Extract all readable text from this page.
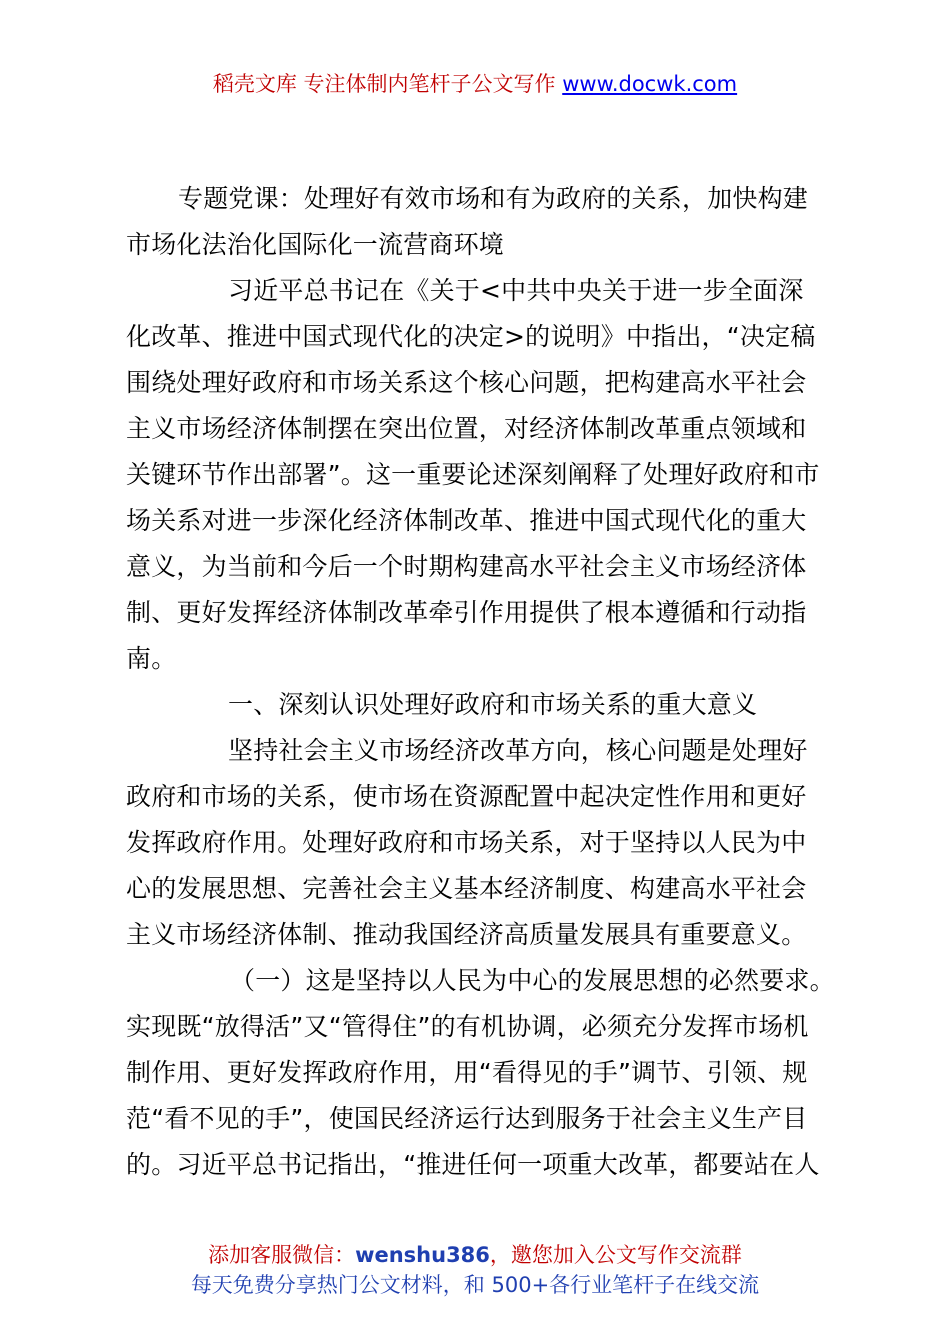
稻壳文库 专注体制内笔杆子公文写作 www.docwk.com
专题党课：处理好有效市场和有为政府的关系，加快构建
市场化法治化国际化一流营商环境
习近平总书记在《关于<中共中央关于进一步全面深
化改革、推进中国式现代化的决定>的说明》中指出，“决定稿
围绕处理好政府和市场关系这个核心问题，把构建高水平社会
主义市场经济体制摆在突出位置，对经济体制改革重点领域和
关键环节作出部署”。这一重要论述深刻阐释了处理好政府和市
场关系对进一步深化经济体制改革、推进中国式现代化的重大
意义，为当前和今后一个时期构建高水平社会主义市场经济体
制、更好发挥经济体制改革牵引作用提供了根本遵循和行动指
南。
一、深刻认识处理好政府和市场关系的重大意义
坚持社会主义市场经济改革方向，核心问题是处理好
政府和市场的关系，使市场在资源配置中起决定性作用和更好
发挥政府作用。处理好政府和市场关系，对于坚持以人民为中
心的发展思想、完善社会主义基本经济制度、构建高水平社会
主义市场经济体制、推动我国经济高质量发展具有重要意义。
（一）这是坚持以人民为中心的发展思想的必然要求。
实现既“放得活”又“管得住”的有机协调，必须充分发挥市场机
制作用、更好发挥政府作用，用“看得见的手”调节、引领、规
范“看不见的手”，使国民经济运行达到服务于社会主义生产目
的。习近平总书记指出，“推进任何一项重大改革，都要站在人
添加客服微信：wenshu386，邀您加入公文写作交流群
每天免费分享热门公文材料，和 500+各行业笔杆子在线交流
